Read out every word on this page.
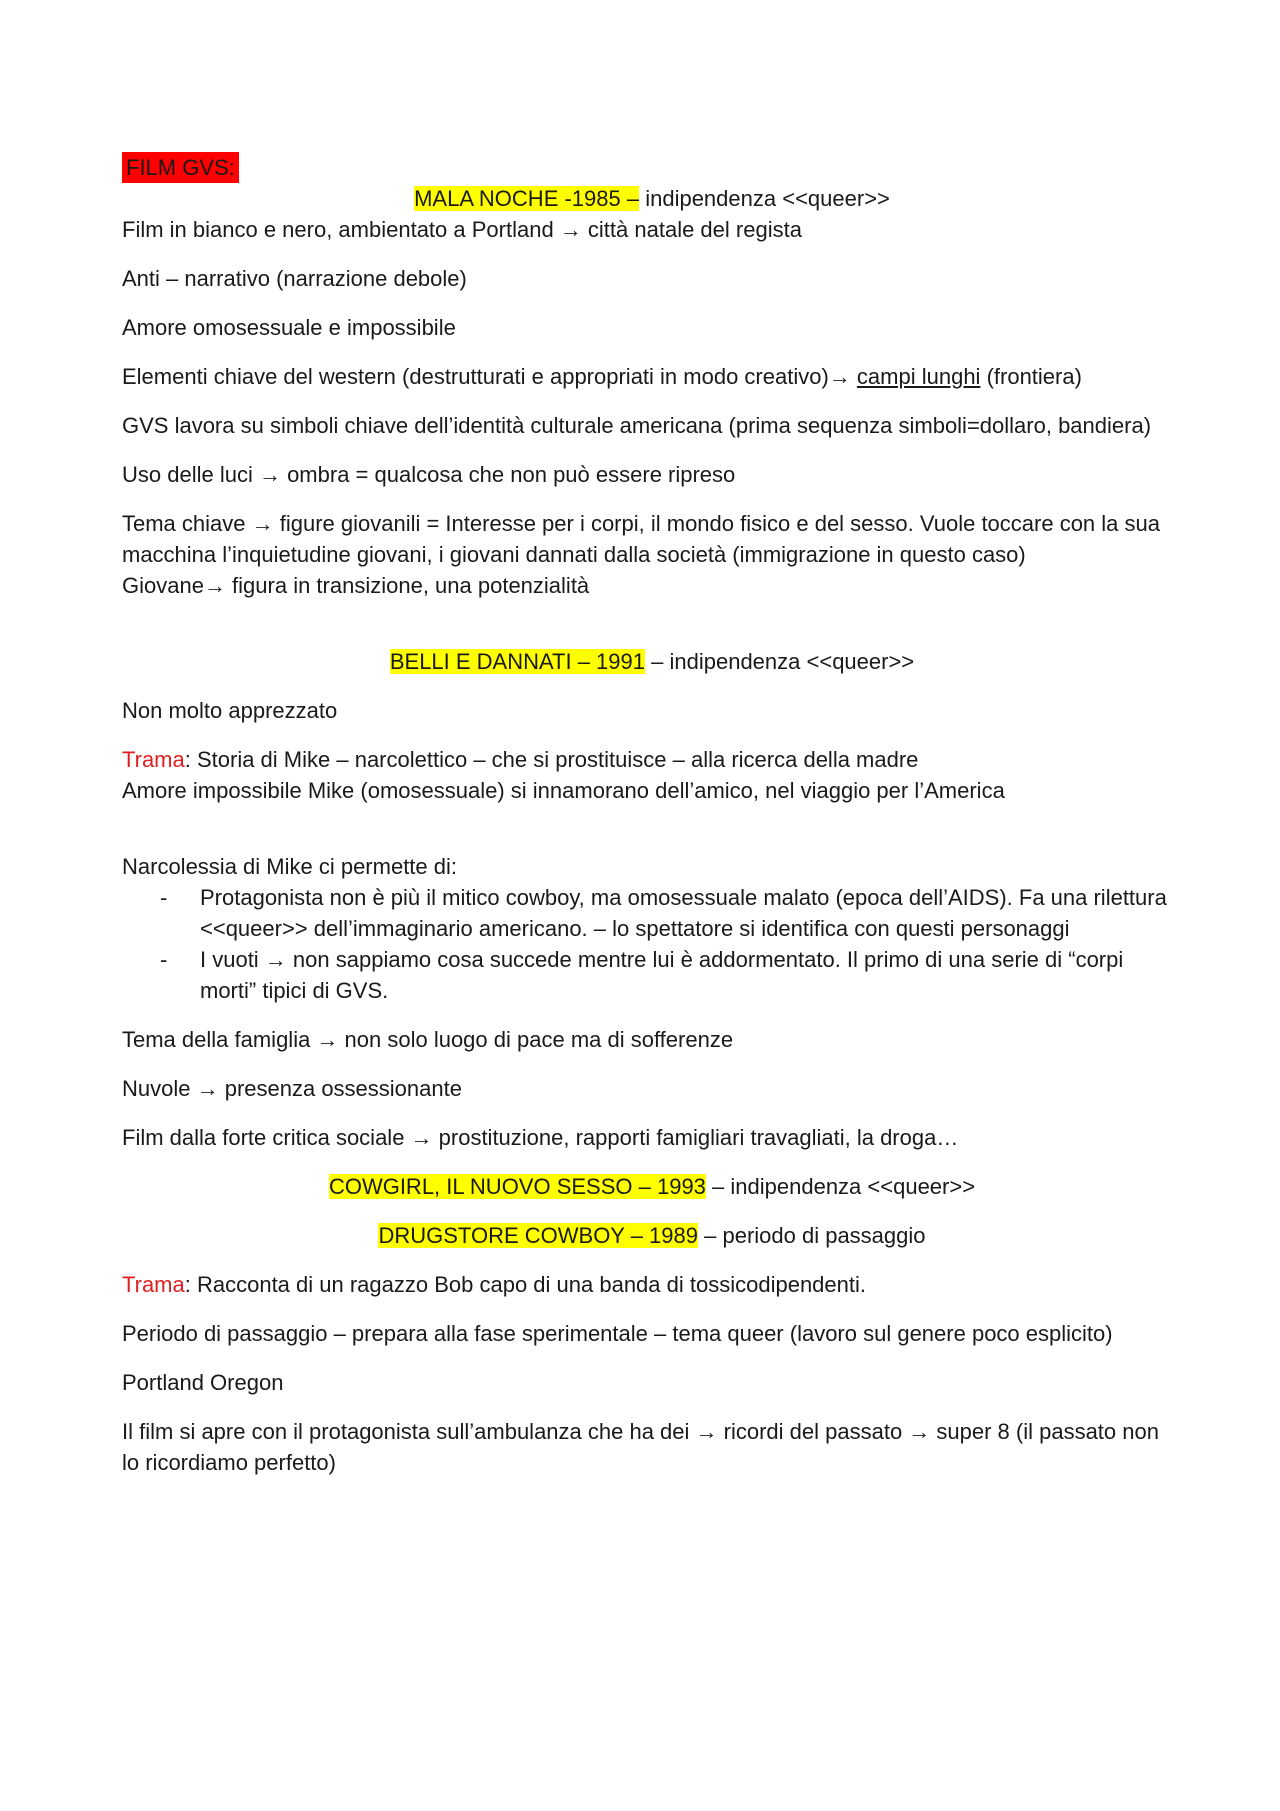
FILM GVS:
MALA NOCHE -1985 – indipendenza <<queer>>

Film in bianco e nero, ambientato a Portland → città natale del regista

Anti – narrativo (narrazione debole)

Amore omosessuale e impossibile

Elementi chiave del western (destrutturati e appropriati in modo creativo)→ campi lunghi (frontiera)

GVS lavora su simboli chiave dell’identità culturale americana (prima sequenza simboli=dollaro, bandiera)

Uso delle luci → ombra = qualcosa che non può essere ripreso

Tema chiave → figure giovanili = Interesse per i corpi, il mondo fisico e del sesso. Vuole toccare con la sua macchina l’inquietudine giovani, i giovani dannati dalla società (immigrazione in questo caso)

Giovane→ figura in transizione, una potenzialità

BELLI E DANNATI – 1991 – indipendenza <<queer>>

Non molto apprezzato

Trama: Storia di Mike – narcolettico – che si prostituisce – alla ricerca della madre

Amore impossibile Mike (omosessuale) si innamorano dell’amico, nel viaggio per l’America

Narcolessia di Mike ci permette di:

- Protagonista non è più il mitico cowboy, ma omosessuale malato (epoca dell’AIDS). Fa una rilettura <<queer>> dell’immaginario americano. – lo spettatore si identifica con questi personaggi
- I vuoti → non sappiamo cosa succede mentre lui è addormentato. Il primo di una serie di “corpi morti” tipici di GVS.

Tema della famiglia → non solo luogo di pace ma di sofferenze

Nuvole → presenza ossessionante

Film dalla forte critica sociale → prostituzione, rapporti famigliari travagliati, la droga…

COWGIRL, IL NUOVO SESSO – 1993 – indipendenza <<queer>>

DRUGSTORE COWBOY – 1989 – periodo di passaggio

Trama: Racconta di un ragazzo Bob capo di una banda di tossicodipendenti.

Periodo di passaggio – prepara alla fase sperimentale – tema queer (lavoro sul genere poco esplicito)

Portland Oregon

Il film si apre con il protagonista sull’ambulanza che ha dei → ricordi del passato → super 8 (il passato non lo ricordiamo perfetto)
